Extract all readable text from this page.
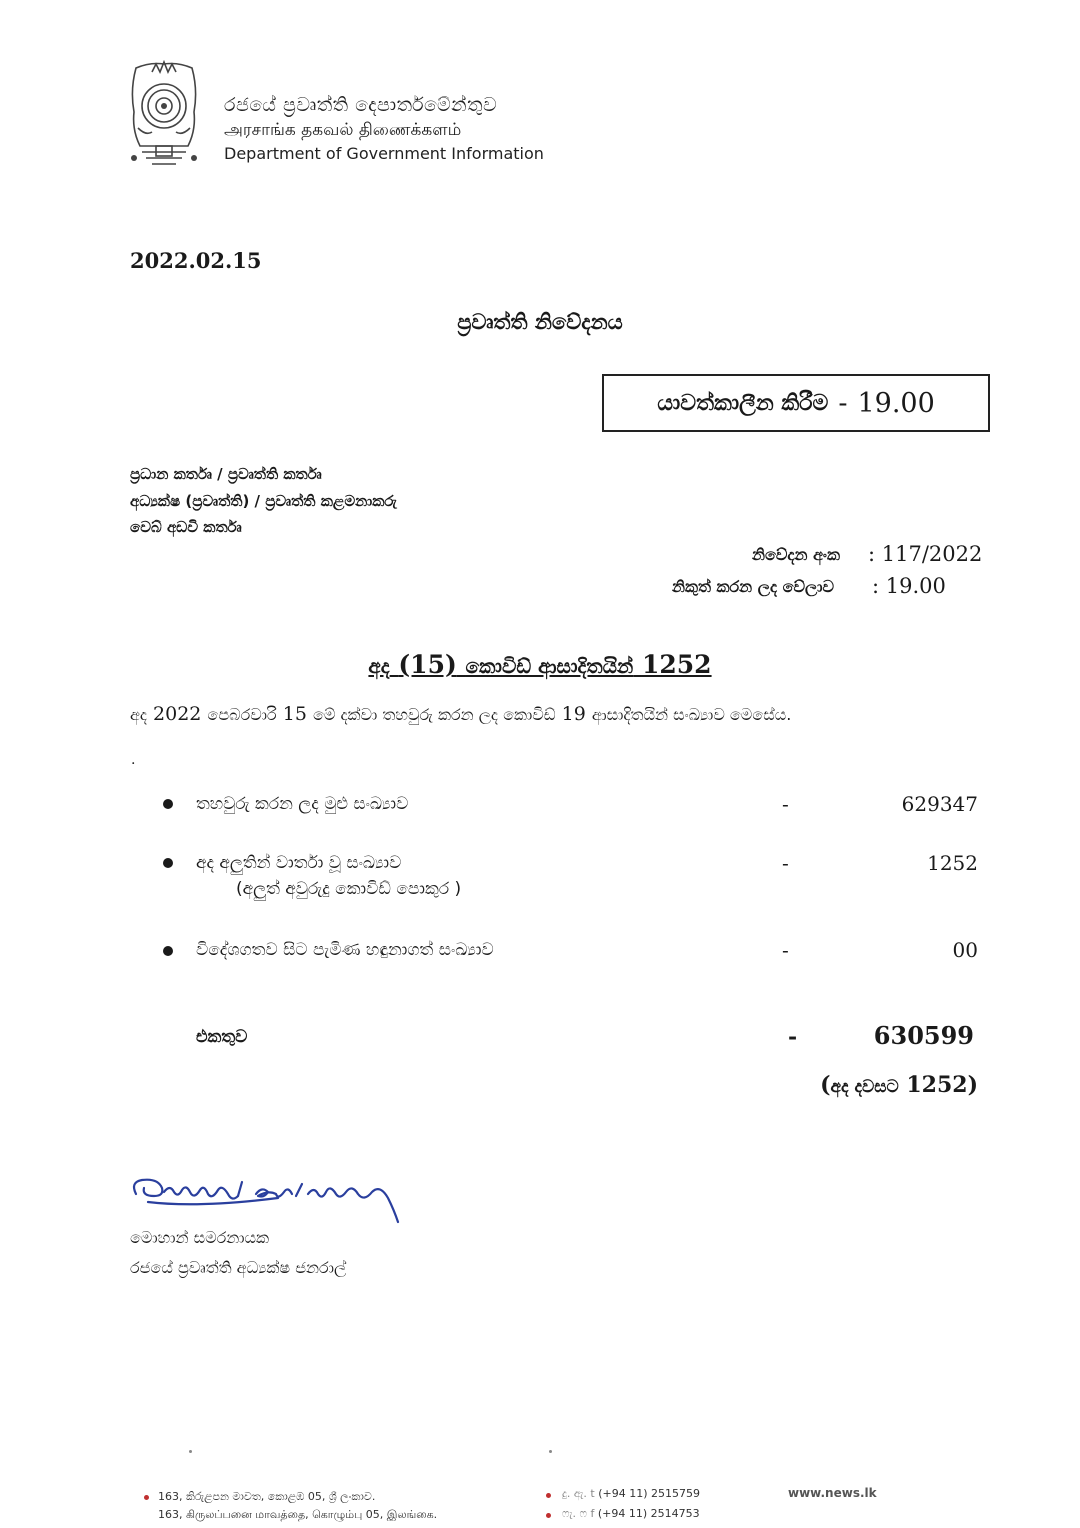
රජයේ ප්‍රවෘත්ති දෙපාර්තමේන්තුව
அரசாங்க தகவல் திணைக்களம்
Department of Government Information
2022.02.15
ප්‍රවෘත්ති නිවේදනය
යාවත්කාලීන කිරීම - 19.00
ප්‍රධාන කර්තෘ / ප්‍රවෘත්ති කර්තෘ
අධ්‍යක්ෂ (ප්‍රවෘත්ති) / ප්‍රවෘත්ති කළමනාකරු
වෙබ් අඩවි කර්තෘ
නිවේදන අංක : 117/2022
නිකුත් කරන ලද වේලාව : 19.00
අද (15) කොවිඩ් ආසාදිතයින් 1252
අද 2022 පෙබරවාරි 15 මේ දක්වා තහවුරු කරන ලද කොවිඩ් 19 ආසාදිතයින් සංඛ්‍යාව මෙසේය.
.
තහවුරු කරන ලද මුළු සංඛ්‍යාව	-	629347
අද අලුතින් වාර්තා වූ සංඛ්‍යාව
(අලුත් අවුරුදු කොවිඩ් පොකුර )
-	1252
විදේශගතව සිට පැමිණ හඳුනාගත් සංඛ්‍යාව	-	00
එකතුව	-	630599
(අද දවසට 1252)
මොහාන් සමරනායක
රජයේ ප්‍රවෘත්ති අධ්‍යක්ෂ ජනරාල්
163, කිරුළපන මාවත, කොළඹ 05, ශ්‍රී ලංකාව.
163, கிருலப்பனை மாவத்தை, கொழும்பு 05, இலங்கை.
දු. ඇ. t (+94 11) 2515759
ෆැ. ෆ f (+94 11) 2514753
www.news.lk
